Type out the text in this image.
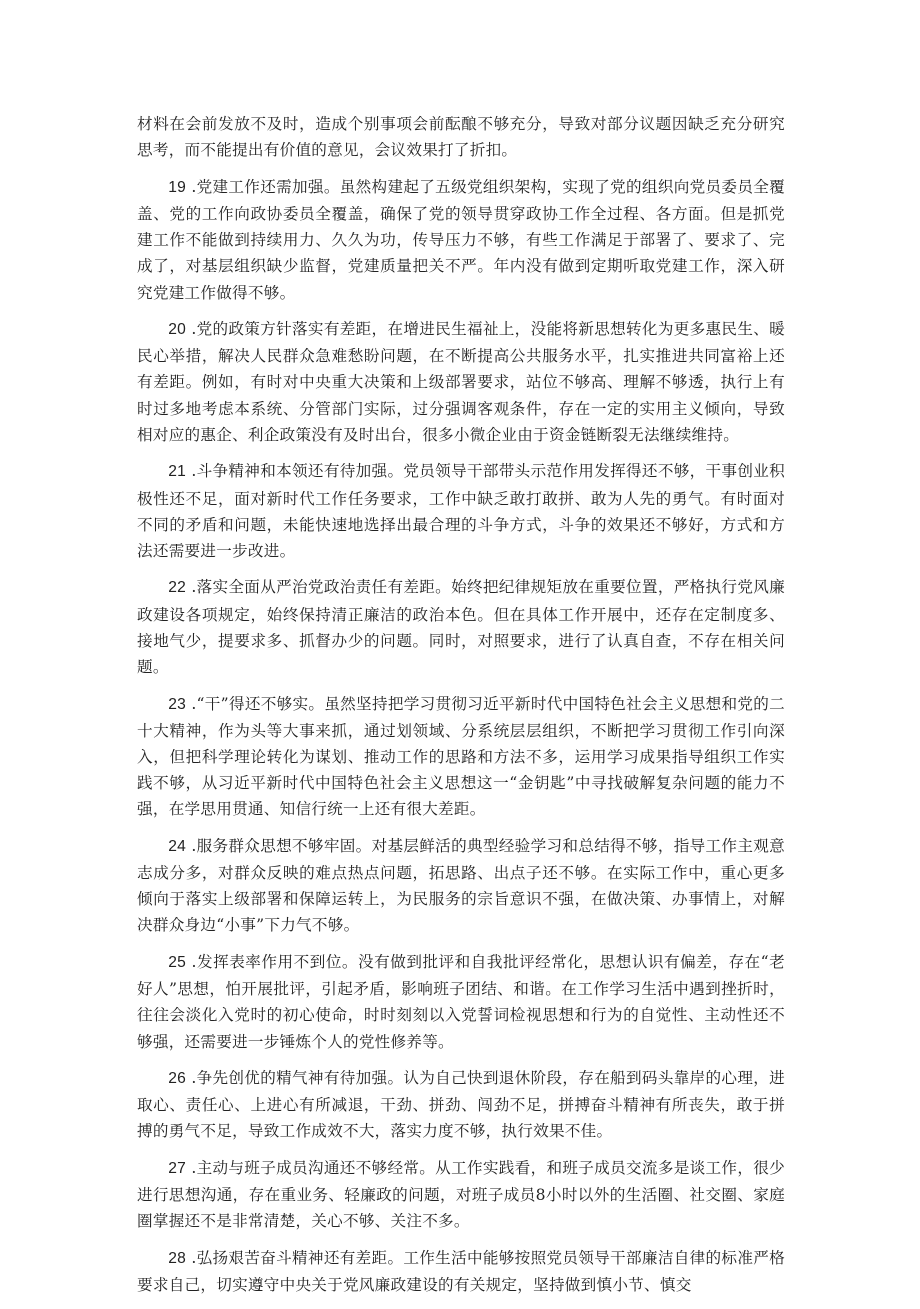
材料在会前发放不及时，造成个别事项会前酝酿不够充分，导致对部分议题因缺乏充分研究思考，而不能提出有价值的意见，会议效果打了折扣。

19 .党建工作还需加强。虽然构建起了五级党组织架构，实现了党的组织向党员委员全覆盖、党的工作向政协委员全覆盖，确保了党的领导贯穿政协工作全过程、各方面。但是抓党建工作不能做到持续用力、久久为功，传导压力不够，有些工作满足于部署了、要求了、完成了，对基层组织缺少监督，党建质量把关不严。年内没有做到定期听取党建工作，深入研究党建工作做得不够。

20 .党的政策方针落实有差距，在增进民生福祉上，没能将新思想转化为更多惠民生、暖民心举措，解决人民群众急难愁盼问题，在不断提高公共服务水平，扎实推进共同富裕上还有差距。例如，有时对中央重大决策和上级部署要求，站位不够高、理解不够透，执行上有时过多地考虑本系统、分管部门实际，过分强调客观条件，存在一定的实用主义倾向，导致相对应的惠企、利企政策没有及时出台，很多小微企业由于资金链断裂无法继续维持。

21 .斗争精神和本领还有待加强。党员领导干部带头示范作用发挥得还不够，干事创业积极性还不足，面对新时代工作任务要求，工作中缺乏敢打敢拼、敢为人先的勇气。有时面对不同的矛盾和问题，未能快速地选择出最合理的斗争方式，斗争的效果还不够好，方式和方法还需要进一步改进。

22 .落实全面从严治党政治责任有差距。始终把纪律规矩放在重要位置，严格执行党风廉政建设各项规定，始终保持清正廉洁的政治本色。但在具体工作开展中，还存在定制度多、接地气少，提要求多、抓督办少的问题。同时，对照要求，进行了认真自查，不存在相关问题。

23 .“干”得还不够实。虽然坚持把学习贯彻习近平新时代中国特色社会主义思想和党的二十大精神，作为头等大事来抓，通过划领域、分系统层层组织，不断把学习贯彻工作引向深入，但把科学理论转化为谋划、推动工作的思路和方法不多，运用学习成果指导组织工作实践不够，从习近平新时代中国特色社会主义思想这一“金钥匙”中寻找破解复杂问题的能力不强，在学思用贯通、知信行统一上还有很大差距。

24 .服务群众思想不够牢固。对基层鲜活的典型经验学习和总结得不够，指导工作主观意志成分多，对群众反映的难点热点问题，拓思路、出点子还不够。在实际工作中，重心更多倾向于落实上级部署和保障运转上，为民服务的宗旨意识不强，在做决策、办事情上，对解决群众身边“小事”下力气不够。

25 .发挥表率作用不到位。没有做到批评和自我批评经常化，思想认识有偏差，存在“老好人”思想，怕开展批评，引起矛盾，影响班子团结、和谐。在工作学习生活中遇到挫折时，往往会淡化入党时的初心使命，时时刻刻以入党誓词检视思想和行为的自觉性、主动性还不够强，还需要进一步锤炼个人的党性修养等。

26 .争先创优的精气神有待加强。认为自己快到退休阶段，存在船到码头靠岸的心理，进取心、责任心、上进心有所减退，干劲、拼劲、闯劲不足，拼搏奋斗精神有所丧失，敢于拼搏的勇气不足，导致工作成效不大，落实力度不够，执行效果不佳。

27 .主动与班子成员沟通还不够经常。从工作实践看，和班子成员交流多是谈工作，很少进行思想沟通，存在重业务、轻廉政的问题，对班子成员8小时以外的生活圈、社交圈、家庭圈掌握还不是非常清楚，关心不够、关注不多。

28 .弘扬艰苦奋斗精神还有差距。工作生活中能够按照党员领导干部廉洁自律的标准严格要求自己，切实遵守中央关于党风廉政建设的有关规定，坚持做到慎小节、慎交
